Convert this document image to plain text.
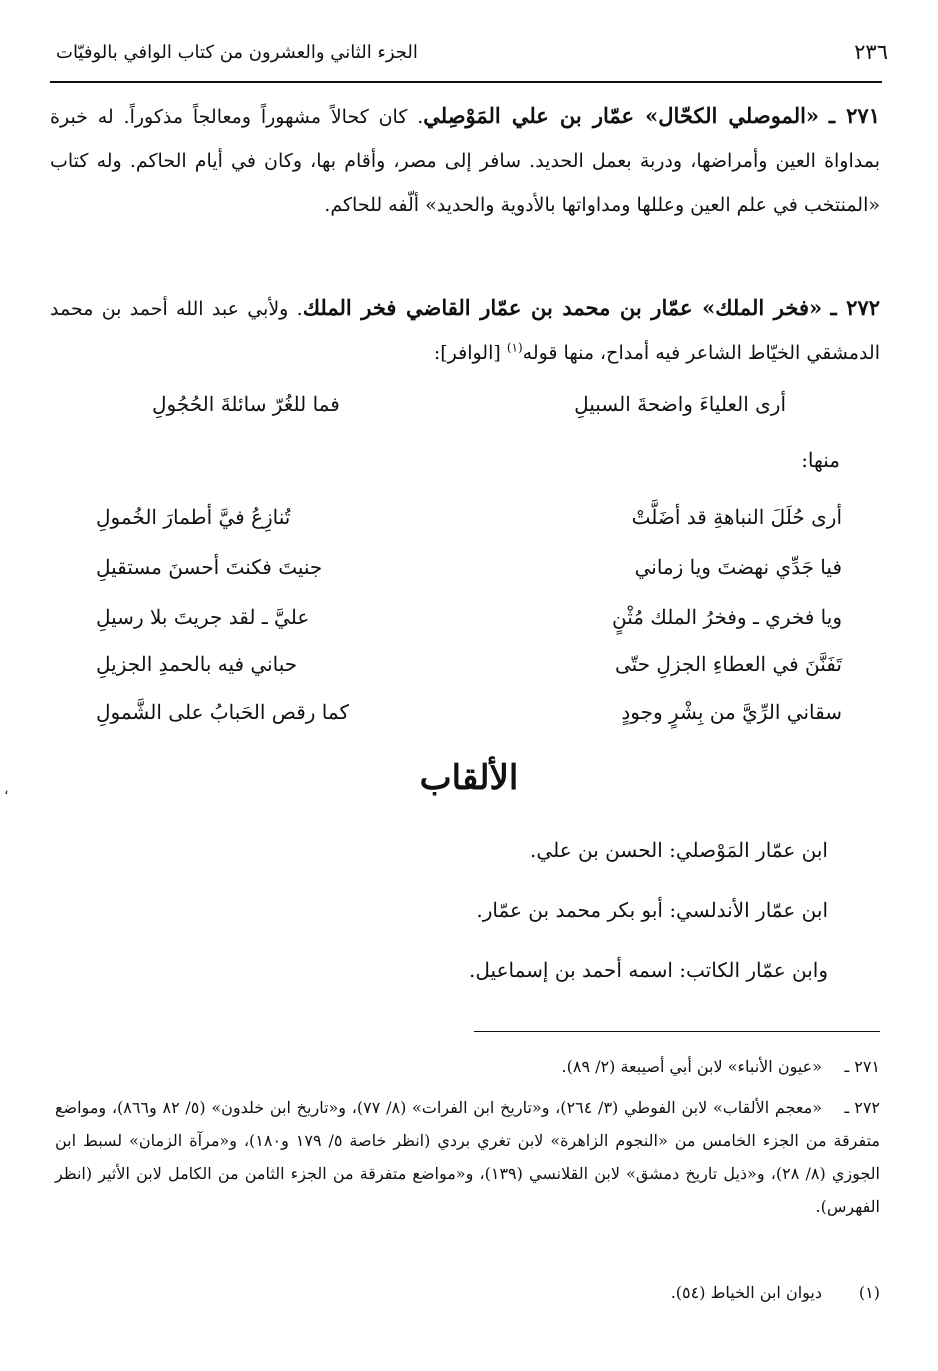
٢٣٦
الجزء الثاني والعشرون من كتاب الوافي بالوفيّات
٢٧١ ـ «الموصلي الكحّال» عمّار بن علي المَوْصِلي. كان كحالاً مشهوراً ومعالجاً مذكوراً. له خبرة بمداواة العين وأمراضها، ودربة بعمل الحديد. سافر إلى مصر، وأقام بها، وكان في أيام الحاكم. وله كتاب «المنتخب في علم العين وعللها ومداواتها بالأدوية والحديد» ألّفه للحاكم.
٢٧٢ ـ «فخر الملك» عمّار بن محمد بن عمّار القاضي فخر الملك. ولأبي عبد الله أحمد بن محمد الدمشقي الخيّاط الشاعر فيه أمداح، منها قوله$^{(١)}$ [الوافر]:
أرى العلياءَ واضحةَ السبيلِ
فما للغُرّ سائلةَ الحُجُولِ
منها:
أرى حُلَلَ النباهةِ قد أضَلَّتْ
تُنازِعُ فيَّ أطمارَ الخُمولِ
فيا جَدِّي نهضتَ ويا زماني
جنيتَ فكنتَ أحسنَ مستقيلِ
ويا فخري ـ وفخرُ الملك مُثْنٍ
عليَّ ـ لقد جريتَ بلا رسيلِ
تَفَنَّنَ في العطاءِ الجزلِ حتّى
حباني فيه بالحمدِ الجزيلِ
سقاني الرِّيَّ من بِشْرٍ وجودٍ
كما رقص الحَبابُ على الشَّمولِ
الألقاب
،
ابن عمّار المَوْصلي: الحسن بن علي.
ابن عمّار الأندلسي: أبو بكر محمد بن عمّار.
وابن عمّار الكاتب: اسمه أحمد بن إسماعيل.
٢٧١ ـ«عيون الأنباء» لابن أبي أصيبعة (٢/ ٨٩).
٢٧٢ ـ«معجم الألقاب» لابن الفوطي (٣/ ٢٦٤)، و«تاريخ ابن الفرات» (٨/ ٧٧)، و«تاريخ ابن خلدون» (٥/ ٨٢ و٨٦٦)، ومواضع متفرقة من الجزء الخامس من «النجوم الزاهرة» لابن تغري بردي (انظر خاصة ٥/ ١٧٩ و١٨٠)، و«مرآة الزمان» لسبط ابن الجوزي (٨/ ٢٨)، و«ذيل تاريخ دمشق» لابن القلانسي (١٣٩)، و«مواضع متفرقة من الجزء الثامن من الكامل لابن الأثير (انظر الفهرس).
(١)ديوان ابن الخياط (٥٤).
